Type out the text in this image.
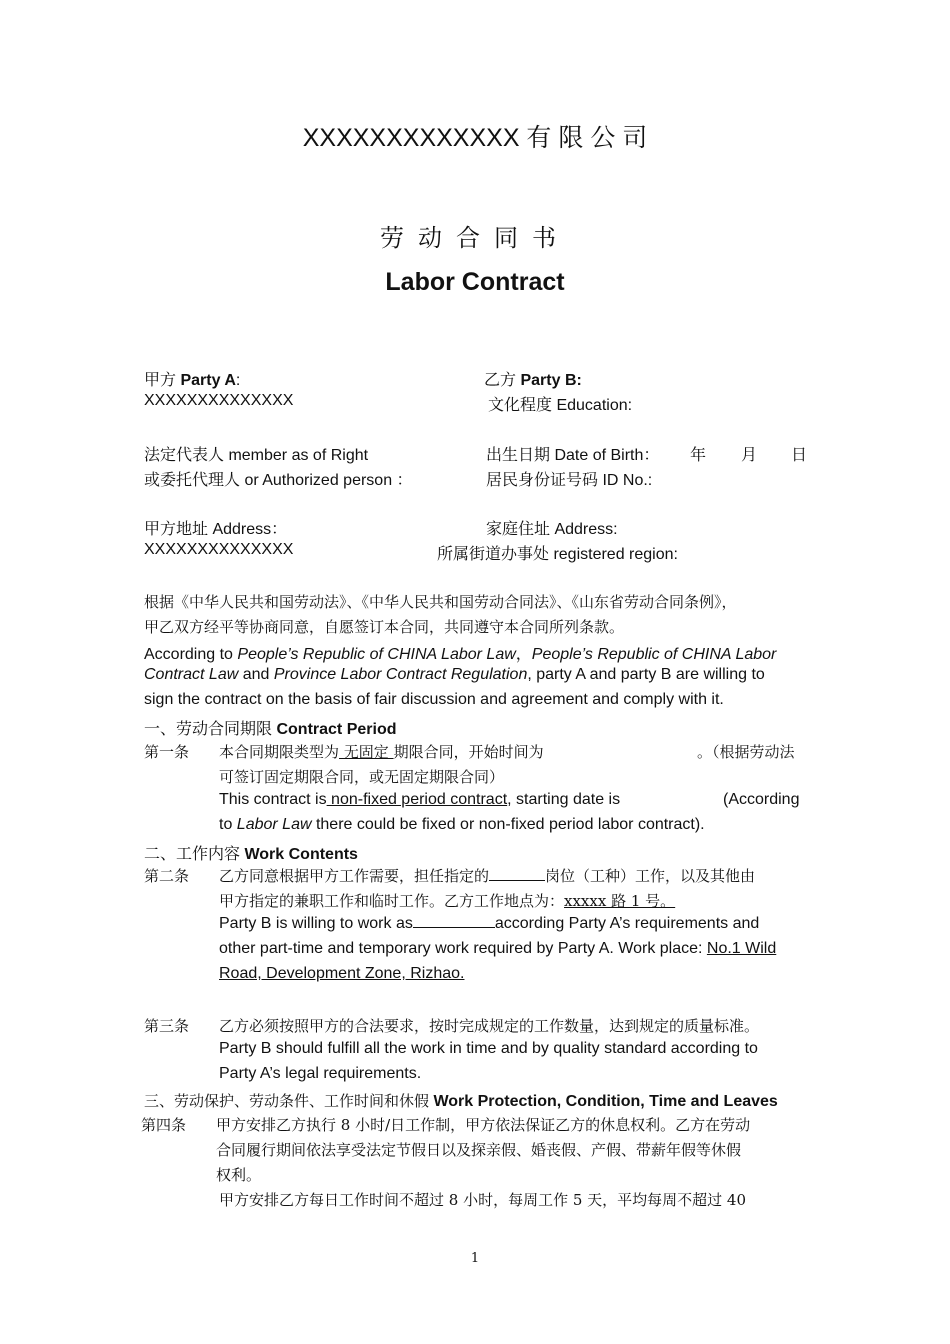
XXXXXXXXXXXXX 有 限 公 司
劳动合同书
Labor Contract
甲方 Party A:	乙方 Party B:
XXXXXXXXXXXXXX	文化程度 Education:
法定代表人 member as of Right	出生日期 Date of Birth： 年 月 日
或委托代理人 or Authorized person ：	居民身份证号码 ID No.:
甲方地址 Address：	家庭住址 Address:
XXXXXXXXXXXXXX	所属街道办事处 registered region:
根据《中华人民共和国劳动法》、《中华人民共和国劳动合同法》、《山东省劳动合同条例》，
甲乙双方经平等协商同意，自愿签订本合同，共同遵守本合同所列条款。
According to People’s Republic of CHINA Labor Law，People’s Republic of CHINA Labor
Contract Law and Province Labor Contract Regulation, party A and party B are willing to
sign the contract on the basis of fair discussion and agreement and comply with it.
一、劳动合同期限 Contract Period
第一条 本合同期限类型为 无固定 期限合同，开始时间为	。（根据劳动法
可签订固定期限合同，或无固定期限合同）
This contract is non-fixed period contract, starting date is	(According
to Labor Law there could be fixed or non-fixed period labor contract).
二、工作内容 Work Contents
第二条 乙方同意根据甲方工作需要，担任指定的	岗位（工种）工作，以及其他由
甲方指定的兼职工作和临时工作。乙方工作地点为：xxxxx 路 1 号。
Party B is willing to work as	according Party A’s requirements and
other part-time and temporary work required by Party A. Work place: No.1 Wild
Road, Development Zone, Rizhao.
第三条 乙方必须按照甲方的合法要求，按时完成规定的工作数量，达到规定的质量标准。
Party B should fulfill all the work in time and by quality standard according to
Party A’s legal requirements.
三、劳动保护、劳动条件、工作时间和休假 Work Protection, Condition, Time and Leaves
第四条 甲方安排乙方执行 8 小时/日工作制，甲方依法保证乙方的休息权利。乙方在劳动
合同履行期间依法享受法定节假日以及探亲假、婚丧假、产假、带薪年假等休假
权利。
甲方安排乙方每日工作时间不超过 8 小时，每周工作 5 天，平均每周不超过 40
1
